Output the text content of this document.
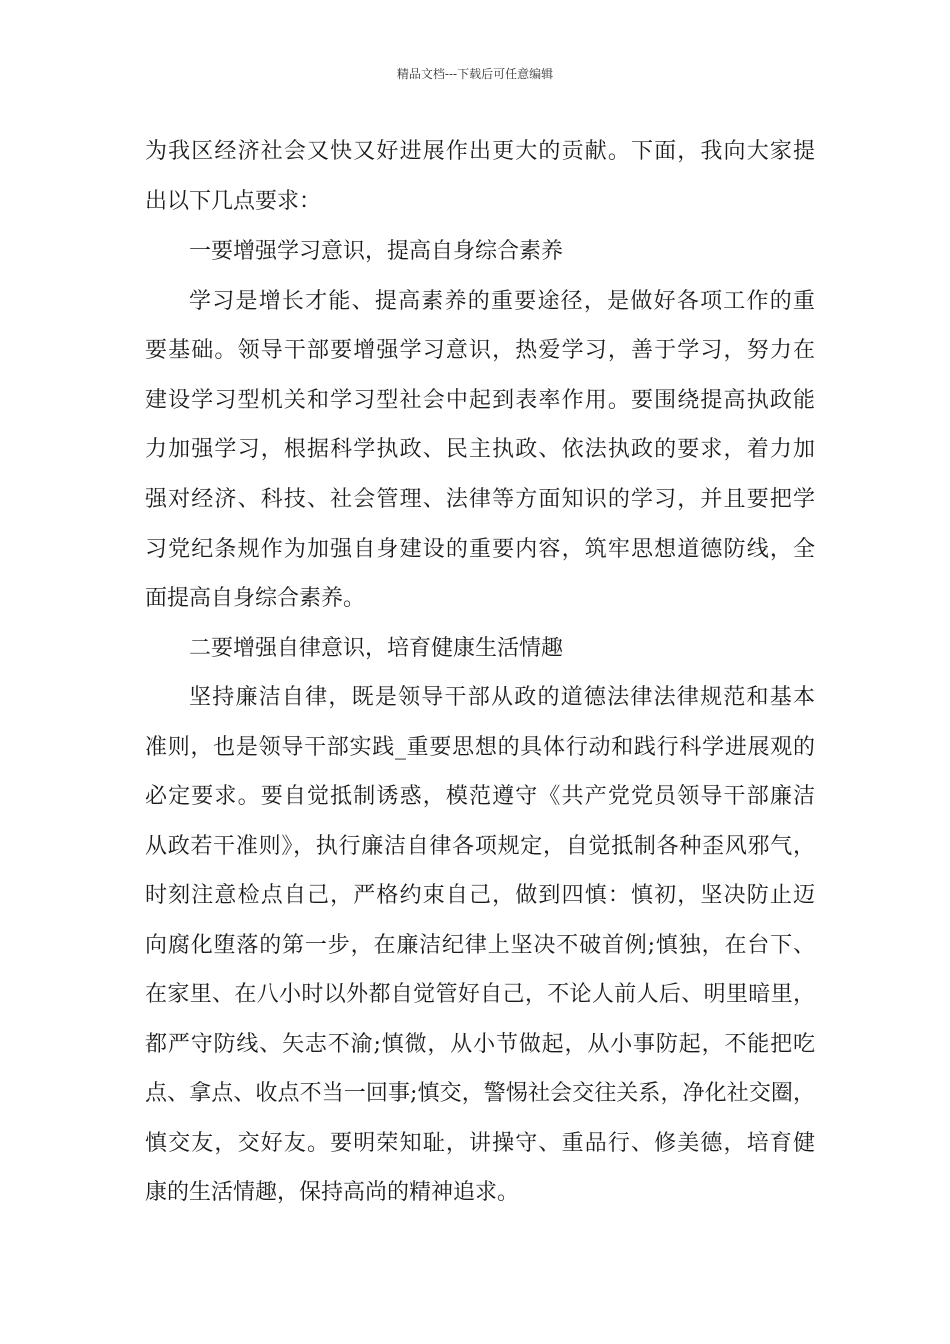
精品文档---下载后可任意编辑
为我区经济社会又快又好进展作出更大的贡献。下面，我向大家提
出以下几点要求：
一要增强学习意识，提高自身综合素养
学习是增长才能、提高素养的重要途径，是做好各项工作的重
要基础。领导干部要增强学习意识，热爱学习，善于学习，努力在
建设学习型机关和学习型社会中起到表率作用。要围绕提高执政能
力加强学习，根据科学执政、民主执政、依法执政的要求，着力加
强对经济、科技、社会管理、法律等方面知识的学习，并且要把学
习党纪条规作为加强自身建设的重要内容，筑牢思想道德防线，全
面提高自身综合素养。
二要增强自律意识，培育健康生活情趣
坚持廉洁自律，既是领导干部从政的道德法律法律规范和基本
准则，也是领导干部实践_重要思想的具体行动和践行科学进展观的
必定要求。要自觉抵制诱惑，模范遵守《共产党党员领导干部廉洁
从政若干准则》，执行廉洁自律各项规定，自觉抵制各种歪风邪气，
时刻注意检点自己，严格约束自己，做到四慎：慎初，坚决防止迈
向腐化堕落的第一步，在廉洁纪律上坚决不破首例;慎独，在台下、
在家里、在八小时以外都自觉管好自己，不论人前人后、明里暗里，
都严守防线、矢志不渝;慎微，从小节做起，从小事防起，不能把吃
点、拿点、收点不当一回事;慎交，警惕社会交往关系，净化社交圈，
慎交友，交好友。要明荣知耻，讲操守、重品行、修美德，培育健
康的生活情趣，保持高尚的精神追求。
